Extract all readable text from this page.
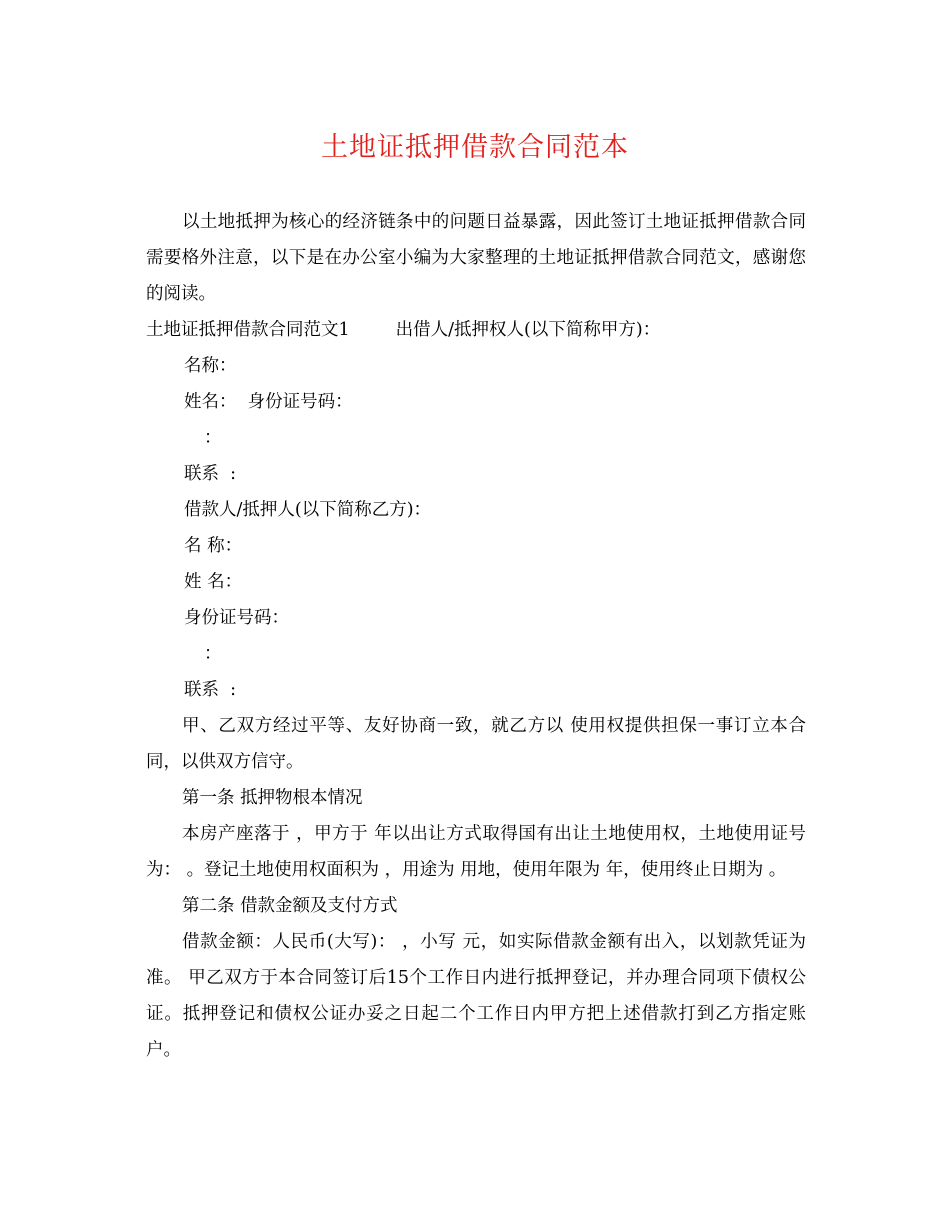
土地证抵押借款合同范本

以土地抵押为核心的经济链条中的问题日益暴露，因此签订土地证抵押借款合同需要格外注意，以下是在办公室小编为大家整理的土地证抵押借款合同范文，感谢您的阅读。

土地证抵押借款合同范文1	出借人/抵押权人(以下简称甲方)：

名称：
姓名：  身份证号码：
：
联系  :
借款人/抵押人(以下简称乙方)：
名 称：
姓 名：
身份证号码：
：
联系  :

甲、乙双方经过平等、友好协商一致，就乙方以 使用权提供担保一事订立本合同，以供双方信守。

第一条 抵押物根本情况

本房产座落于 ，甲方于 年以出让方式取得国有出让土地使用权，土地使用证号为： 。登记土地使用权面积为 ，用途为 用地，使用年限为 年，使用终止日期为 。

第二条 借款金额及支付方式

借款金额：人民币(大写)： ，小写 元，如实际借款金额有出入，以划款凭证为准。 甲乙双方于本合同签订后15个工作日内进行抵押登记，并办理合同项下债权公证。抵押登记和债权公证办妥之日起二个工作日内甲方把上述借款打到乙方指定账户。
